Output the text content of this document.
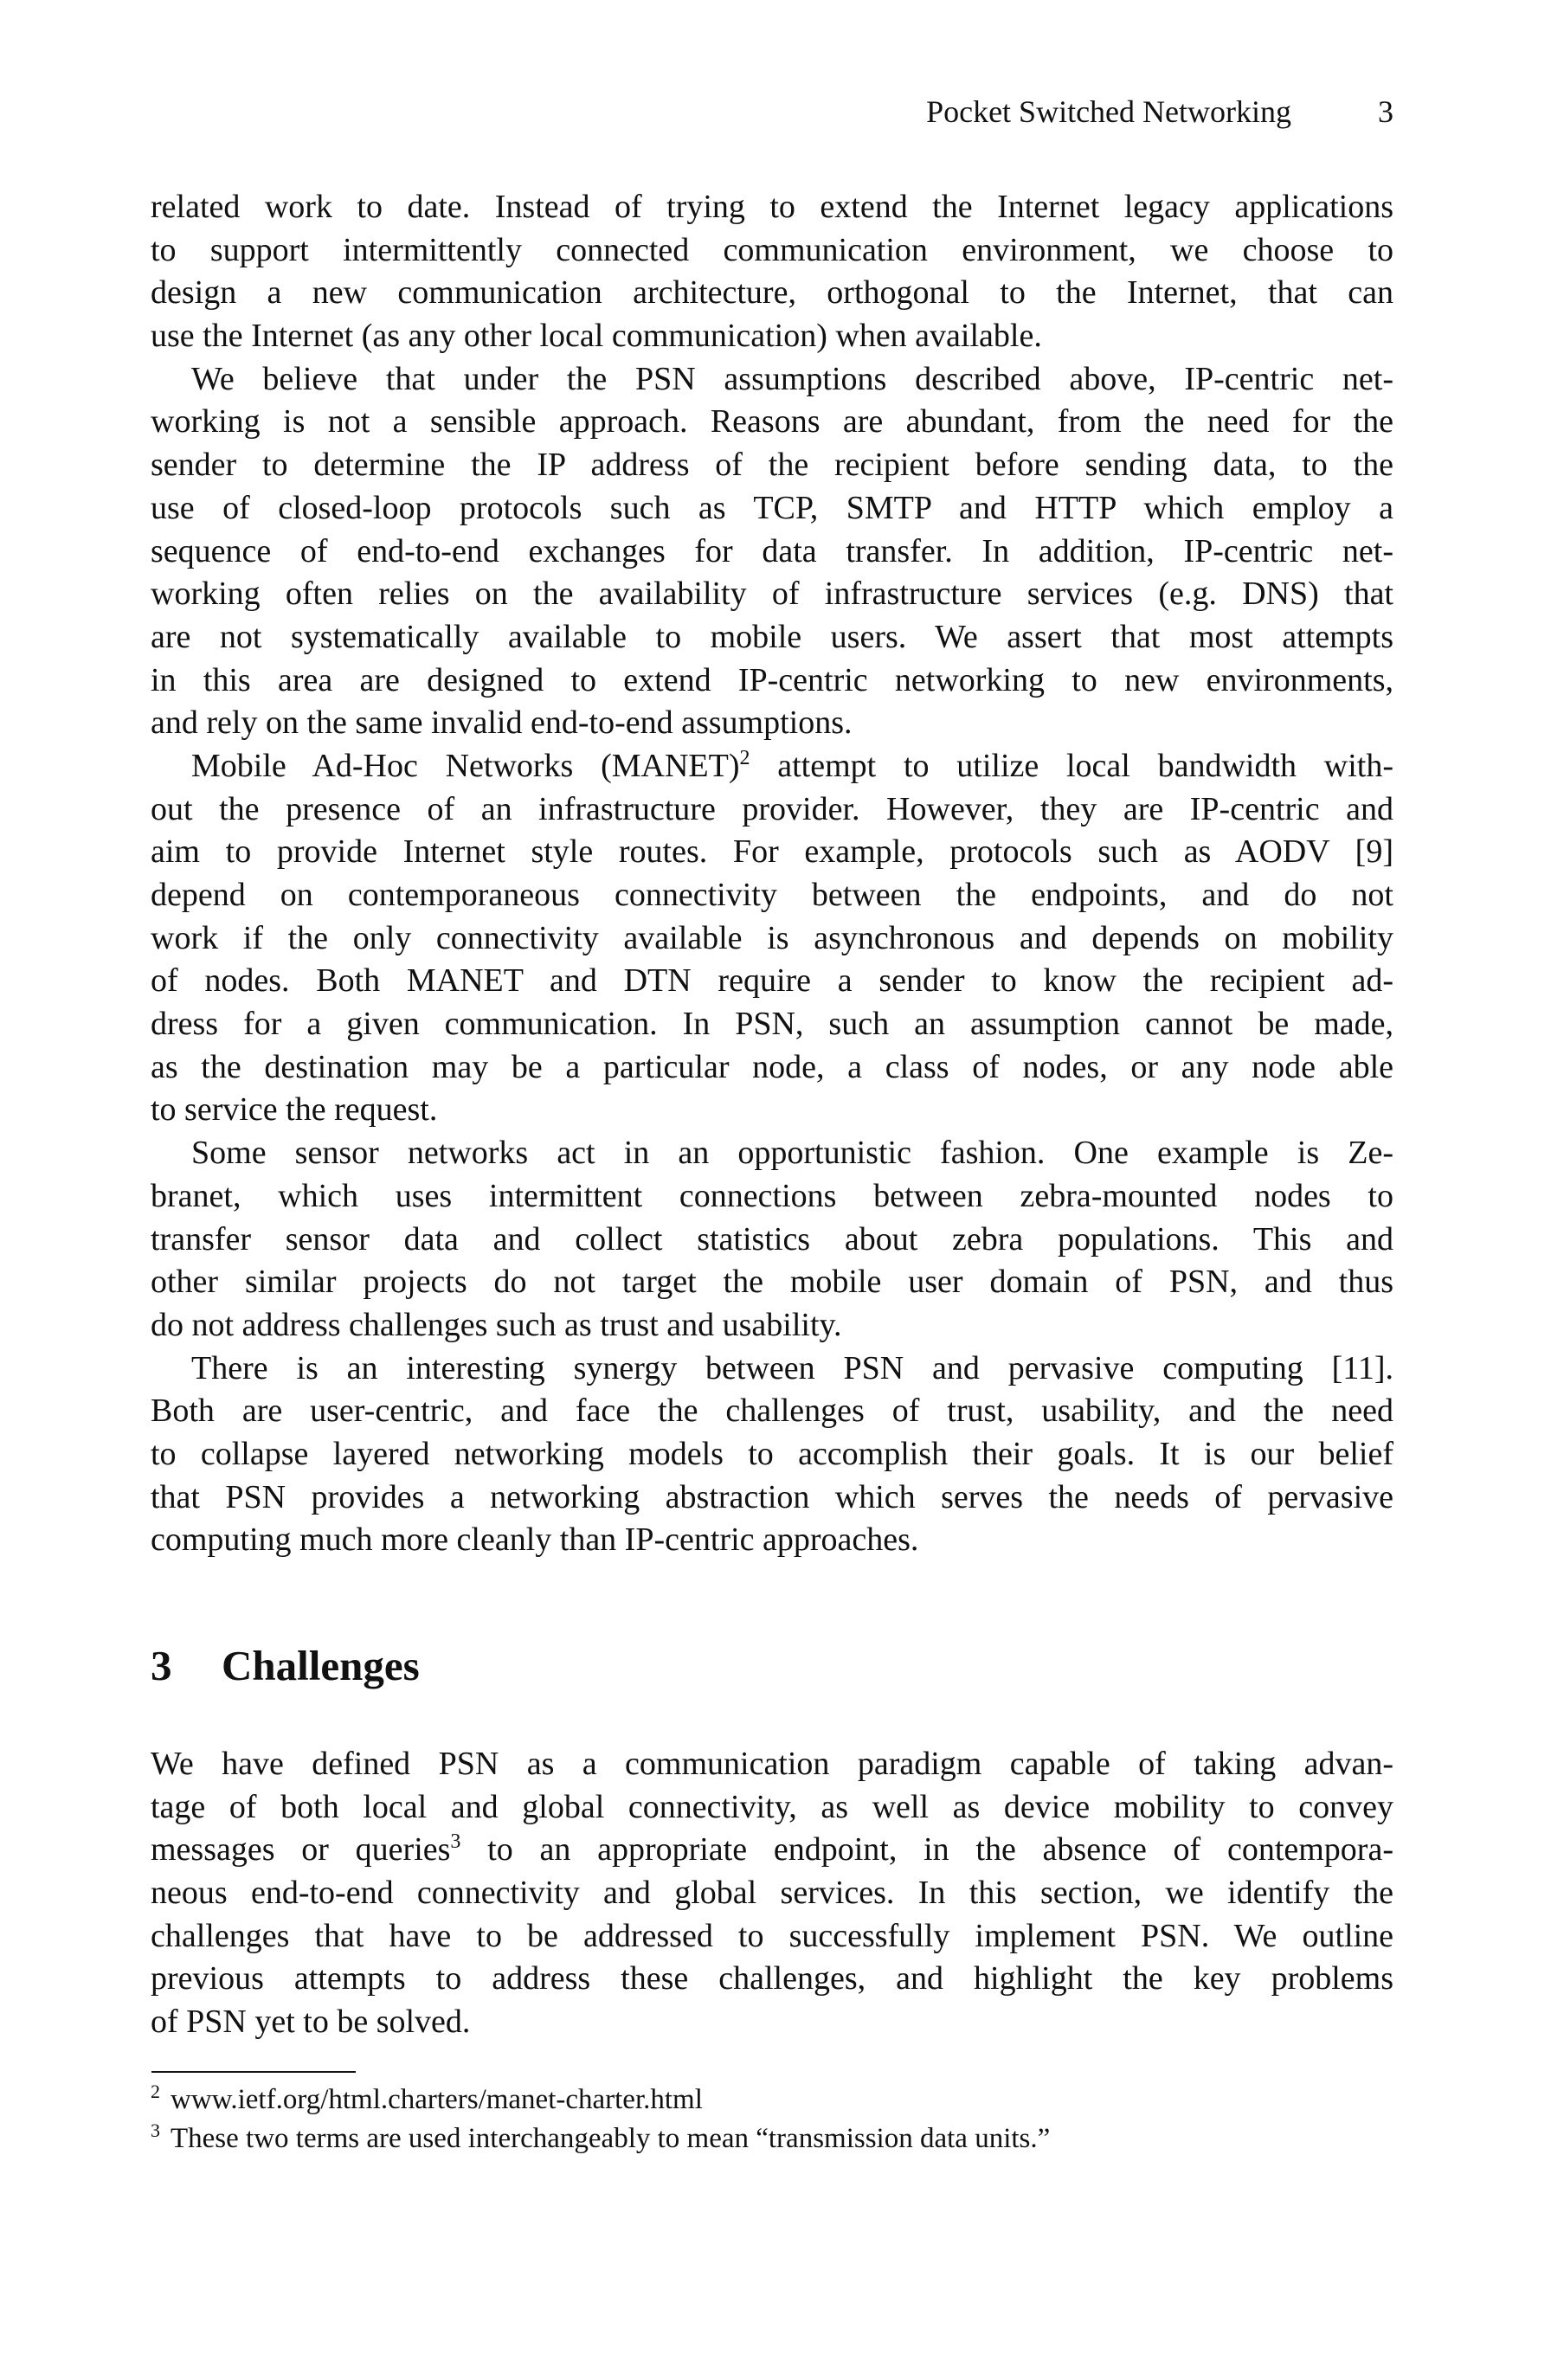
Pocket Switched Networking	3
related work to date. Instead of trying to extend the Internet legacy applications
to support intermittently connected communication environment, we choose to
design a new communication architecture, orthogonal to the Internet, that can
use the Internet (as any other local communication) when available.
We believe that under the PSN assumptions described above, IP-centric net-
working is not a sensible approach. Reasons are abundant, from the need for the
sender to determine the IP address of the recipient before sending data, to the
use of closed-loop protocols such as TCP, SMTP and HTTP which employ a
sequence of end-to-end exchanges for data transfer. In addition, IP-centric net-
working often relies on the availability of infrastructure services (e.g. DNS) that
are not systematically available to mobile users. We assert that most attempts
in this area are designed to extend IP-centric networking to new environments,
and rely on the same invalid end-to-end assumptions.
Mobile Ad-Hoc Networks (MANET)$^2$ attempt to utilize local bandwidth with-
out the presence of an infrastructure provider. However, they are IP-centric and
aim to provide Internet style routes. For example, protocols such as AODV [9]
depend on contemporaneous connectivity between the endpoints, and do not
work if the only connectivity available is asynchronous and depends on mobility
of nodes. Both MANET and DTN require a sender to know the recipient ad-
dress for a given communication. In PSN, such an assumption cannot be made,
as the destination may be a particular node, a class of nodes, or any node able
to service the request.
Some sensor networks act in an opportunistic fashion. One example is Ze-
branet, which uses intermittent connections between zebra-mounted nodes to
transfer sensor data and collect statistics about zebra populations. This and
other similar projects do not target the mobile user domain of PSN, and thus
do not address challenges such as trust and usability.
There is an interesting synergy between PSN and pervasive computing [11].
Both are user-centric, and face the challenges of trust, usability, and the need
to collapse layered networking models to accomplish their goals. It is our belief
that PSN provides a networking abstraction which serves the needs of pervasive
computing much more cleanly than IP-centric approaches.
3 Challenges
We have defined PSN as a communication paradigm capable of taking advan-
tage of both local and global connectivity, as well as device mobility to convey
messages or queries$^3$ to an appropriate endpoint, in the absence of contempora-
neous end-to-end connectivity and global services. In this section, we identify the
challenges that have to be addressed to successfully implement PSN. We outline
previous attempts to address these challenges, and highlight the key problems
of PSN yet to be solved.
$^2$ www.ietf.org/html.charters/manet-charter.html
$^3$ These two terms are used interchangeably to mean “transmission data units.”
